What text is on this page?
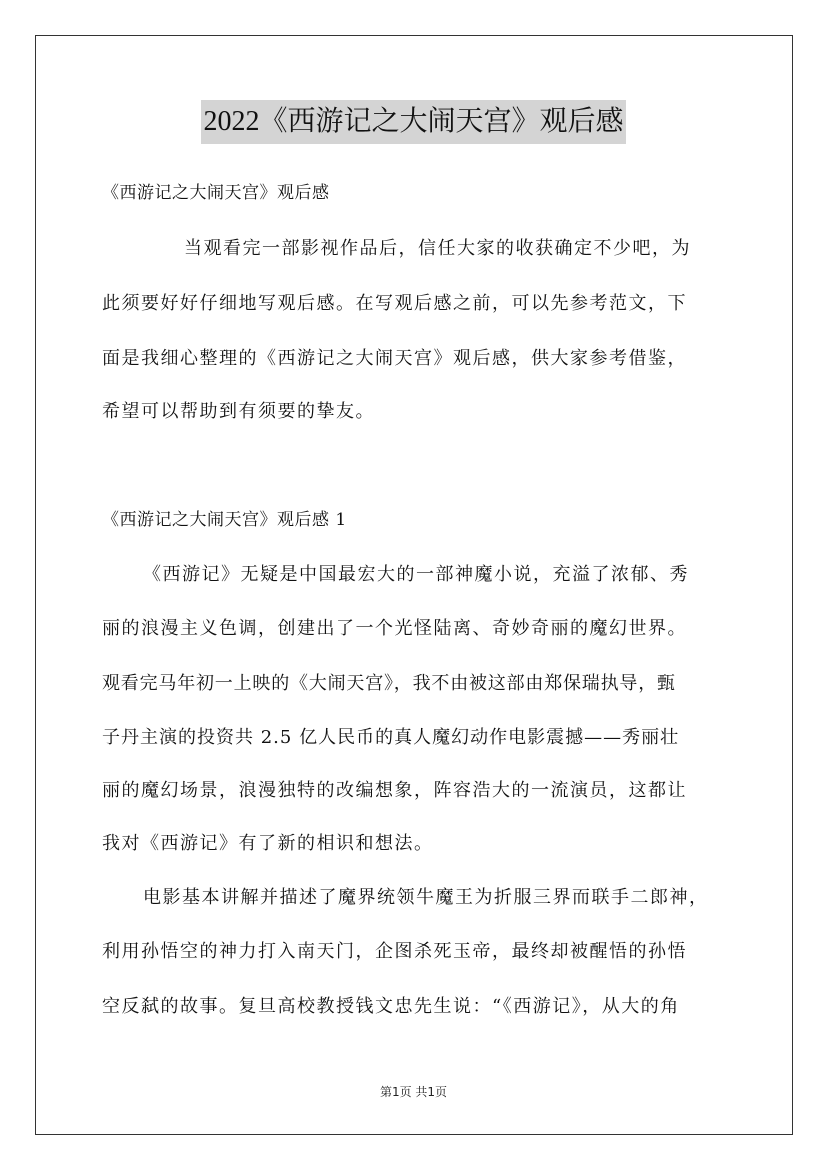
2022《西游记之大闹天宫》观后感
《西游记之大闹天宫》观后感
当观看完一部影视作品后，信任大家的收获确定不少吧，为
此须要好好仔细地写观后感。在写观后感之前，可以先参考范文，下
面是我细心整理的《西游记之大闹天宫》观后感，供大家参考借鉴，
希望可以帮助到有须要的挚友。
《西游记之大闹天宫》观后感 1
《西游记》无疑是中国最宏大的一部神魔小说，充溢了浓郁、秀
丽的浪漫主义色调，创建出了一个光怪陆离、奇妙奇丽的魔幻世界。
观看完马年初一上映的《大闹天宫》，我不由被这部由郑保瑞执导，甄
子丹主演的投资共 2.5 亿人民币的真人魔幻动作电影震撼——秀丽壮
丽的魔幻场景，浪漫独特的改编想象，阵容浩大的一流演员，这都让
我对《西游记》有了新的相识和想法。
电影基本讲解并描述了魔界统领牛魔王为折服三界而联手二郎神，
利用孙悟空的神力打入南天门，企图杀死玉帝，最终却被醒悟的孙悟
空反弑的故事。复旦高校教授钱文忠先生说：“《西游记》，从大的角
第1页 共1页
